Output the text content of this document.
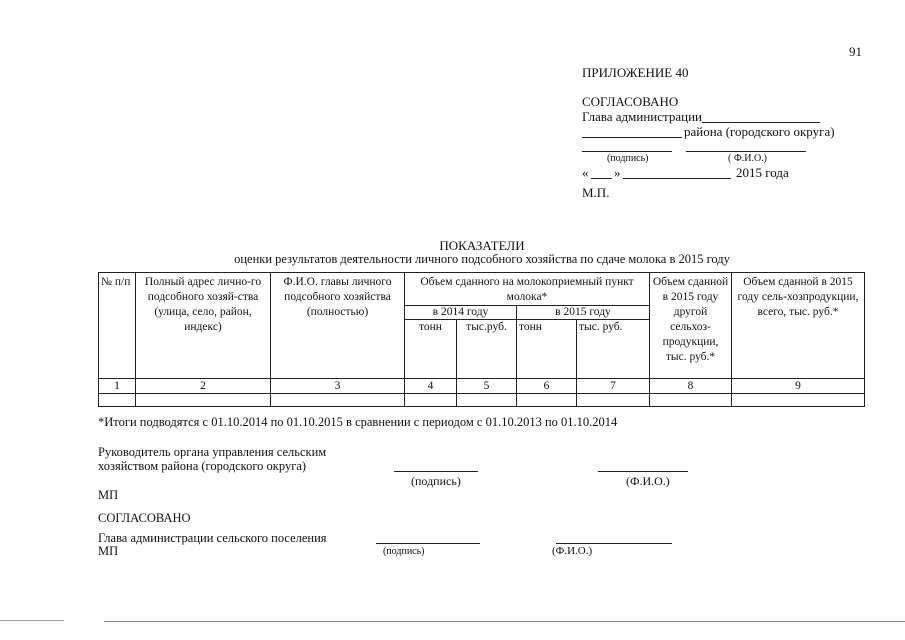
91
ПРИЛОЖЕНИЕ 40
СОГЛАСОВАНО
Глава администрации
района (городского округа)
(подпись)	( Ф.И.О.)
« »	2015 года
М.П.
ПОКАЗАТЕЛИ
оценки результатов деятельности личного подсобного хозяйства по сдаче молока в 2015 году
№ п/п	Полный адрес лично-го подсобного хозяй-ства (улица, село, район, индекс)	Ф.И.О. главы личного подсобного хозяйства (полностью)	Объем сданного на молокоприемный пункт молока*				Объем сданной в 2015 году другой сельхоз-продукции, тыс. руб.*	Объем сданной в 2015 году сель-хозпродукции, всего, тыс. руб.*
			в 2014 году		в 2015 году			
			тонн	тыс.руб.	тонн	тыс. руб.		
1	2	3	4	5	6	7	8	9

*Итоги подводятся с 01.10.2014 по 01.10.2015 в сравнении с периодом с 01.10.2013 по 01.10.2014
Руководитель органа управления сельским
хозяйством района (городского округа)
(подпись)	(Ф.И.О.)
МП
СОГЛАСОВАНО
Глава администрации сельского поселения
МП	(подпись)	(Ф.И.О.)
